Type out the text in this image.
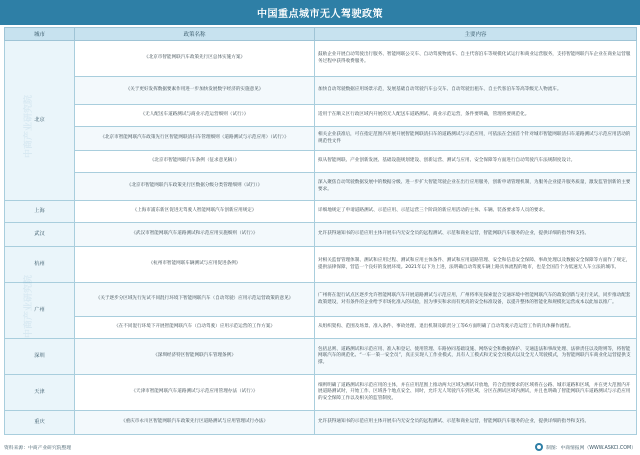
中国重点城市无人驾驶政策
城市	政策名称	主要内容
北京	《北京市智能网联汽车政策先行区总体实施方案》	鼓励企业开展自动驾驶出行服务、智能网联公交车、自动驾驶物流车、自主代客泊车等规模化试运行和商业运营服务，支持智能网联汽车企业在商业运营服务过程中获得收费服务。
	《关于更好发挥数据要素作用进一步加快发展数字经济的实施意见》	加快自动驾驶数据应用场景示范，发展基础自动驾驶汽车公交车、自动驾驶出租车、自主代客泊车等高等级无人物流车。
	《无人配送车道路测试与商业示范运营细则（试行）》	适用于在顺义区行政区域内开展的无人配送车道路测试、商业示范运营，条件要明确，管理将要规范化。
	《北京市智能网联汽车政策先行区智能网联清扫车管理细则（道路测试与示范应用）（试行）》	相关企业获准后，可在指定范围内开展开展智能网联清扫车的道路测试与示范应用，可依法在全国首个针对城市智能网联清扫车道路测试与示范应用活动的规范性文件
	《北京市智能网联汽车条例（征求意见稿）》	拟从智能网联、产业创新发展、基础设施规划建设、创新运营、测试与应用、安全保障等方面进行自动驾驶汽车法规制度设计。
	《北京市智能网联汽车政策先行区数据分级分类管理细则（试行）》	深入聚焦自动驾驶数据发展中的数据分级、进一步扩大智能驾驶企业在出行应用服务，创新申请管理机制，为服务企业提升服务质量，激发监管创新的主要要求。
上海	《上海市浦东新区促进无驾驶人智能网联汽车创新应用规定》	详细地规定了申请道路测试、示范应用、示范运营三个阶段的新应用活动的主体、车辆、装备要求等人员的要求。
武汉	《武汉市智能网联汽车道路测试和示范应用实施细则（试行）》	允许获得通知书的示范应用主体开展车内无安全员的远程测试、示范和商业运营，智能网联汽车服务的企业，提供详细的指导和支持。
杭州	《杭州市智能网联车辆测试与应用促进条例》	对相关监督管理体制、测试和应用过程、测试和应用主体条件、测试和应用道路管理、安全和信息安全保障、事故处理以及数据安全保障等方面作了规定，提供法律保障，营造一个良好的发展环境。2021年以下为上进，法明确自动驾驶车辆上路具体流程的地市，也是全国首个为低速无人车立法的城市。
广州	《关于逐步分区域先行先试不同混行环境下智能网联汽车（自动驾驶）应用示范运营政策的意见》	广州将在混行试点区逐步允许智能网联汽车开展道路测试与示范应用，广州将率先探索混合交通环境中智能网联汽车的政策创新与先行先试，同步推动配套政策建设，对有条件的企业给予市场化准入的试验，因为事实和求而有更高的安全标准设备，以提升整体的智能化和规模化运营成本以此加以推广。
	《在不同混行环境下开展智能网联汽车（自动驾驶）应用示范运营的工作方案》	从组织架构、范围及场景、准入条件、事故处理、退出机制及职责分工等6方面明确了自动驾驶示范运营工作的具体操作流程。
深圳	《深圳经济特区智能网联汽车管理条例》	包括总则、道路测试和示范应用、准入和登记、使用管理、车路协同基础设施、网络安全和数据保护、交通违法和事故处理、法律责任以及附则等，将智能网联汽车的规范化、“一车一策一安全员”，真正实现人工作业模式，具有人工模式和无安全员模式以及全无人驾驶模式，为智能网联汽车商业化运营提供支撑。
天津	《天津市智能网联汽车道路测试与示范应用管理办法（试行）》	细则明确了道路测试和示范应用的主体，并在应用范围上推动两大区域为测试开放地，符合范围要求的区域将在公路、城市道路和区域，并在更大范围内开展道路测试时，开始工作、区域各个地点安全、同时，允许无人驾驶汽车到区域、分区在测试区域内测试，并且也明确了智能网联汽车道路测试与示范应用的安全保障工作以及相关的监管制度。
重庆	《重庆市永川区智能网联汽车政策先行区道路测试与应用管理试行办法》	允许获得通知书的示范应用主体开展车内无安全员的远程测试、示范和商业运营，智能网联汽车服务的企业，提供详细的指导和支持。
资料来源：中商产业研究院整理	制图：中商情报网（WWW.ASKCI.COM）
